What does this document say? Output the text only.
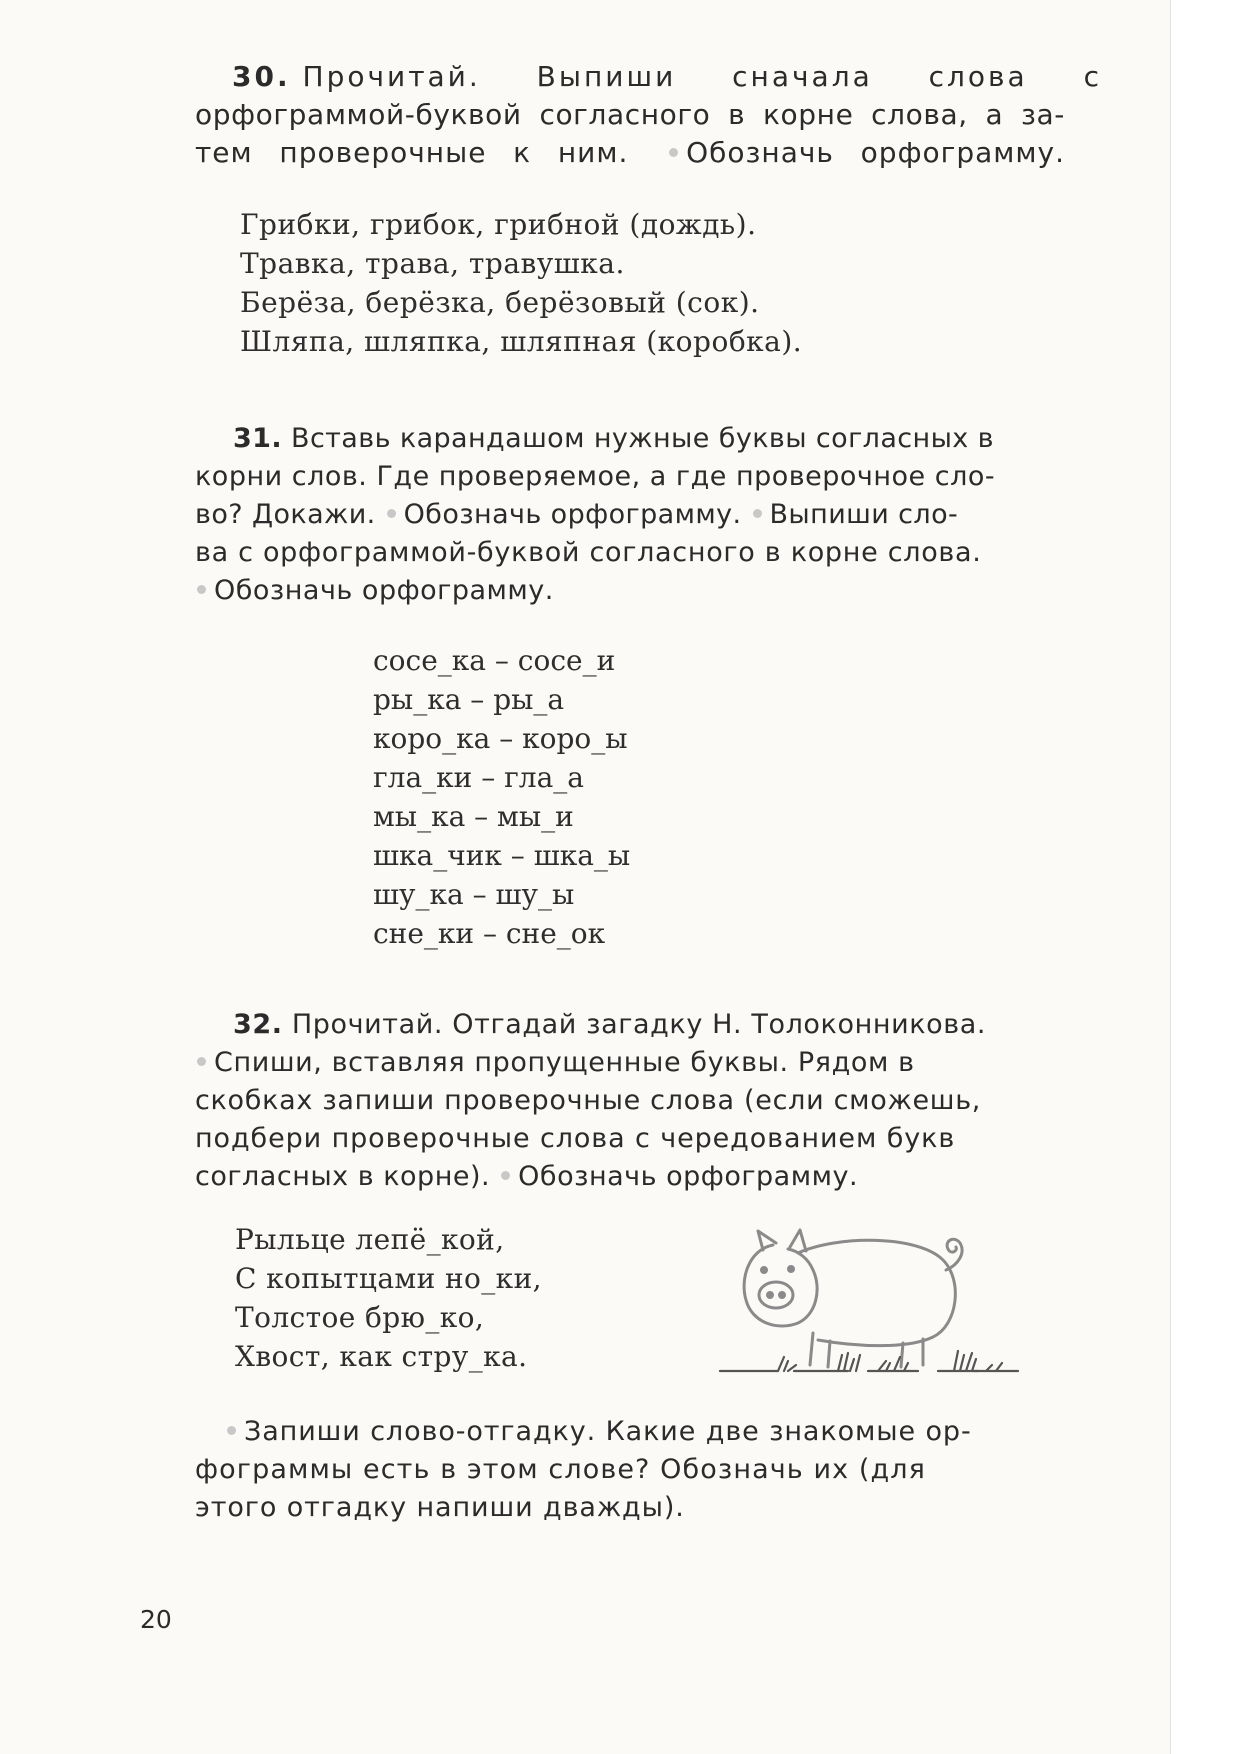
30. Прочитай. Выпиши сначала слова с
орфограммой-буквой согласного в корне слова, а за-
тем проверочные к ним. Обозначь орфограмму.
Грибки, грибок, грибной (дождь).
Травка, трава, травушка.
Берёза, берёзка, берёзовый (сок).
Шляпа, шляпка, шляпная (коробка).
31. Вставь карандашом нужные буквы согласных в
корни слов. Где проверяемое, а где проверочное сло-
во? Докажи. Обозначь орфограмму. Выпиши сло-
ва с орфограммой-буквой согласного в корне слова.
Обозначь орфограмму.
сосе_ка – сосе_и
ры_ка – ры_а
коро_ка – коро_ы
гла_ки – гла_а
мы_ка – мы_и
шка_чик – шка_ы
шу_ка – шу_ы
сне_ки – сне_ок
32. Прочитай. Отгадай загадку Н. Толоконникова.
Спиши, вставляя пропущенные буквы. Рядом в
скобках запиши проверочные слова (если сможешь,
подбери проверочные слова с чередованием букв
согласных в корне). Обозначь орфограмму.
Рыльце лепё_кой,
С копытцами но_ки,
Толстое брю_ко,
Хвост, как стру_ка.
Запиши слово-отгадку. Какие две знакомые ор-
фограммы есть в этом слове? Обозначь их (для
этого отгадку напиши дважды).
20
